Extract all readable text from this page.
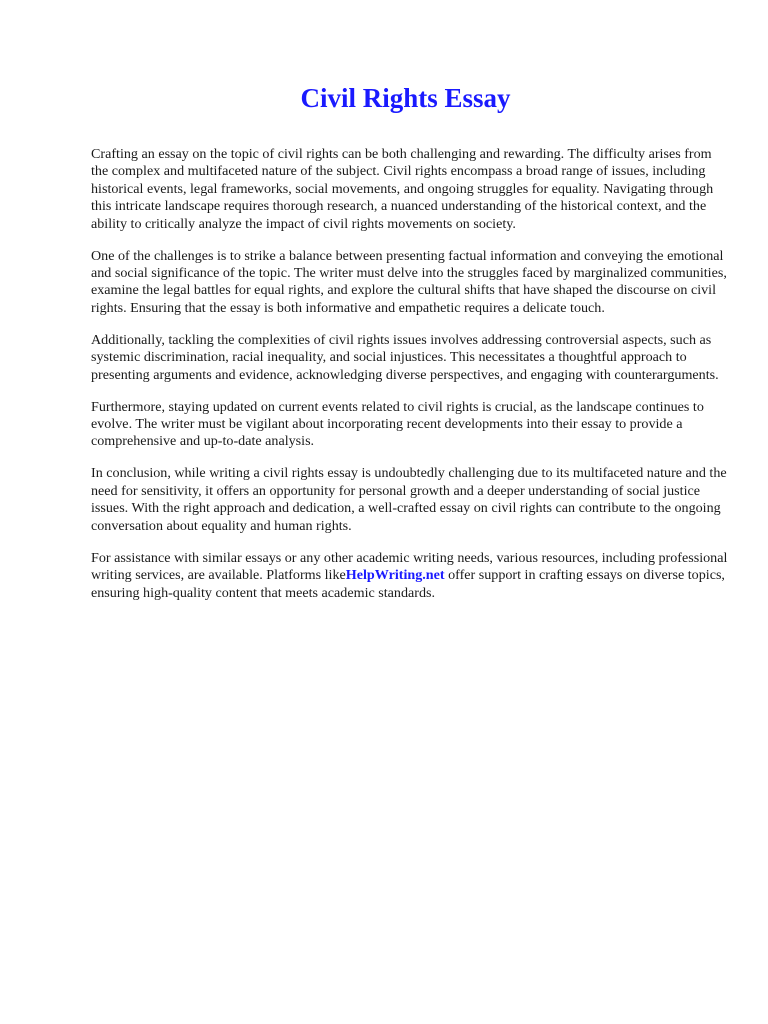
Civil Rights Essay

Crafting an essay on the topic of civil rights can be both challenging and rewarding. The difficulty arises from the complex and multifaceted nature of the subject. Civil rights encompass a broad range of issues, including historical events, legal frameworks, social movements, and ongoing struggles for equality. Navigating through this intricate landscape requires thorough research, a nuanced understanding of the historical context, and the ability to critically analyze the impact of civil rights movements on society.

One of the challenges is to strike a balance between presenting factual information and conveying the emotional and social significance of the topic. The writer must delve into the struggles faced by marginalized communities, examine the legal battles for equal rights, and explore the cultural shifts that have shaped the discourse on civil rights. Ensuring that the essay is both informative and empathetic requires a delicate touch.

Additionally, tackling the complexities of civil rights issues involves addressing controversial aspects, such as systemic discrimination, racial inequality, and social injustices. This necessitates a thoughtful approach to presenting arguments and evidence, acknowledging diverse perspectives, and engaging with counterarguments.

Furthermore, staying updated on current events related to civil rights is crucial, as the landscape continues to evolve. The writer must be vigilant about incorporating recent developments into their essay to provide a comprehensive and up-to-date analysis.

In conclusion, while writing a civil rights essay is undoubtedly challenging due to its multifaceted nature and the need for sensitivity, it offers an opportunity for personal growth and a deeper understanding of social justice issues. With the right approach and dedication, a well-crafted essay on civil rights can contribute to the ongoing conversation about equality and human rights.

For assistance with similar essays or any other academic writing needs, various resources, including professional writing services, are available. Platforms likeHelpWriting.net offer support in crafting essays on diverse topics, ensuring high-quality content that meets academic standards.
